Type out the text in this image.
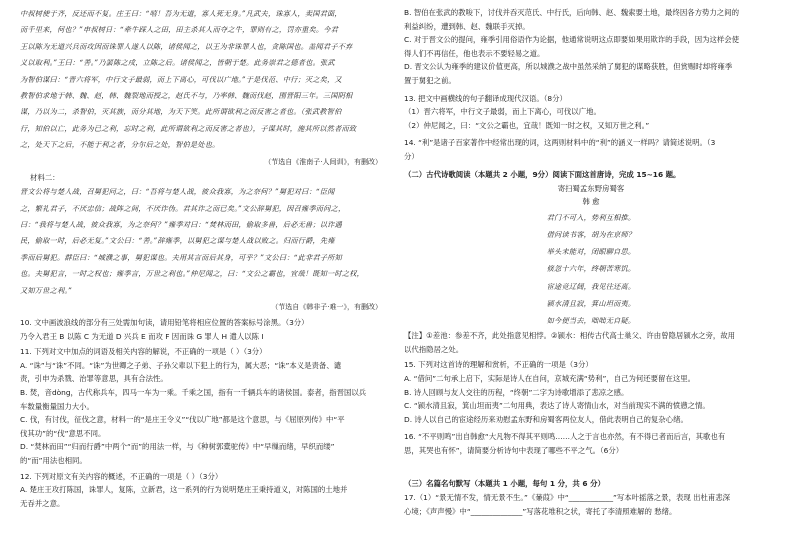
中叔树使于齐，反还而不复。庄王曰：“嘻！吾为无道，寡人死无身。”凡武夫，诛寡人，卖国君面，
而千里来，何也？”申叔树日：“牵牛踩人之田，田主杀其人而夺之牛，罪则有之，罚亦重矣。今君
王以陈为无道兴兵而攻因而诛罪人遂人以陈，诸侯闻之，以王为非诛罪人也，贪陈国也。盖闻君子不弃
义以取利。”王曰：“善。”乃罢陈之戍，立陈之后。诸侯闻之，皆朝于楚。此务崇君之德者也。张武
为智伯谋曰：“晋六将军，中行文子最弱，而上下离心，可伐以广地。”于是伐范、中行；灭之矣，又
教智伯求地于韩、魏、赵，韩、魏裂地而授之，赵氏不与，乃率韩、魏而伐赵，围晋阳三年。三国阴相
谋，乃以为二，杀智伯，灭其族，而分其地，为天下笑。此所谓欲利之而反害之者也。（张武教智伯
行，知伯以亡，此务为已之利，忘时之利，此所谓欲利之而反害之者也），子谋其时，施其所以然者而致
之，处天下之后，不能于利之者，分尔后之处，智伯是处也。
（节选自《淮南子·人间训》，有删改）
材料二：
晋文公将与楚人战，召舅犯问之，曰：“吾将与楚人战，彼众我寡，为之奈何？”舅犯对曰：“臣闻
之，繁礼君子，不厌忠信；战阵之间，不厌诈伪。君其诈之而已矣。”文公辞舅犯，因召雍季而问之，
曰：“我将与楚人战，彼众我寡，为之奈何？”雍季对曰：“焚林而田，偷取多兽，后必无兽；以诈遇
民，偷取一时，后必无复。”文公曰：“善。”辞雍季，以舅犯之谋与楚人战以败之。归而行爵，先雍
季而后舅犯。群臣曰：“城濮之事，舅犯谋也。夫用其言而后其身，可乎？”文公曰：“此非君子所知
也。夫舅犯言，一时之权也；雍季言，万世之利也。”仲尼闻之，曰：“文公之霸也，宜哉！既知一时之权，
又知万世之利。”
（节选自《韩非子·难一》，有删改）
10. 文中画波浪线的部分有三处需加句读，请用铅笔将相应位置的答案标号涂黑。（3分）
乃令入君王 B 以陈 C 为无道 D 兴兵 E 而攻 F 因而诛 G 罪人 H 遣人以陈 I
11. 下列对文中加点的词语及相关内容的解说，不正确的一项是（ ）（3分）
A. “诛”与“诛”不同。“诛”为世卿之子弟、子孙父辈以下犯上的行为，属大恶；“诛”本义是责备、谴
责，引申为杀戮、治罪等意思，具有合法性。
B. 焚，音dòng，古代称兵车，四马一车为一乘。千乘之国，指有一千辆兵车的诸侯国。泰者，指晋国以兵
车数量衡量国力大小。
C. 伐，有讨伐，征伐之意，材料一的“是庄王令义”“伐以广地”都是这个意思，与《屈原列传》中“平
伐其功”的“伐”意思不同。
D. “焚林而田”“归而行爵”中两个“而”的用法一样，与《种树郭橐驼传》中“早缫而绪，早织而缕”
的“而”用法也相同。
12. 下列对原文有关内容的概述，不正确的一项是（ ）（3分）
A. 楚庄王攻打陈国，诛罪人，复陈，立新君，这一系列的行为说明楚庄王秉持道义，对陈国的土地并
无吞并之意。
B. 智伯在张武的教唆下，讨伐并吞灭范氏、中行氏，后向韩、赵、魏索要土地，最终因各方势力之间的
利益纠纷，遭到韩、赵、魏联手灭掉。
C. 对于晋文公的提问，雍季引用俗语作为论据，他通常说明这点即要如果用欺诈的手段，因为这样会使
得人们不再信任，他也表示不要轻易之道。
D. 晋文公认为雍季的建议价值更高，所以城濮之战中虽然采纳了舅犯的谋略获胜，但赏赐时却将雍季
置于舅犯之前。
13. 把文中画横线的句子翻译成现代汉语。（8分）
（1）晋六将军，中行文子最弱，而上下离心，可伐以广地。
（2）仲尼闻之，曰：“文公之霸也，宜哉！既知一时之权，又知万世之利。”
14. “利”是诸子百家著作中经常出现的词，这两则材料中的“利”的涵义一样吗？请简述说明。（3
分）
（二）古代诗歌阅读（本题共 2 小题，9分）阅读下面这首唐诗，完成 15~16 题。
寄扫蜀孟东野房蜀客
韩 愈
君门不可入，势利互相推。
借问读书客，胡为在京师？
举头未能对，闭眼聊自思。
倏忽十六年，终朝苦寒饥。
宦途竞辽阔，我见往还离。
颍水清且寂，箕山坦而夷。
如今便当去，咄咄无自疑。
【注】①差池：参差不齐，此处指意见相悖。②颍水：相传古代高士巢父、许由曾隐居颍水之旁，故用
以代指隐居之处。
15. 下列对这首诗的理解和赏析，不正确的一项是（3分）
A. “借问”二句承上启下，实际是诗人在自问，京城充满“势利”，自己为何还要留在这里。
B. 诗人回顾与友人交往的历程，“终朝”二字为诗歌增添了悲凉之感。
C. “颍水清且寂，箕山坦而夷”二句用典，表达了诗人寄情山水，对当前现实不满的愤懑之情。
D. 诗人以自己的宦途经历来劝慰孟东野和房蜀客两位友人，借此表明自己的复杂心绪。
16. “不平则鸣”出自韩愈“大凡物不得其平则鸣……人之于言也亦然，有不得已者而后言，其歌也有
思，其哭也有怀”，请简要分析诗句中表现了哪些不平之气。（6分）
（三）名篇名句默写（本题共 1 小题，每句 1 分，共 6 分）
17.（1）“景无情不发，情无景不生。”《蒹葭》中“____________”写本叶摇落之景，表现 出杜甫悲深
心境；《声声慢》中“______________”写落花堆积之状，寄托了李清照难解的 愁绪。
